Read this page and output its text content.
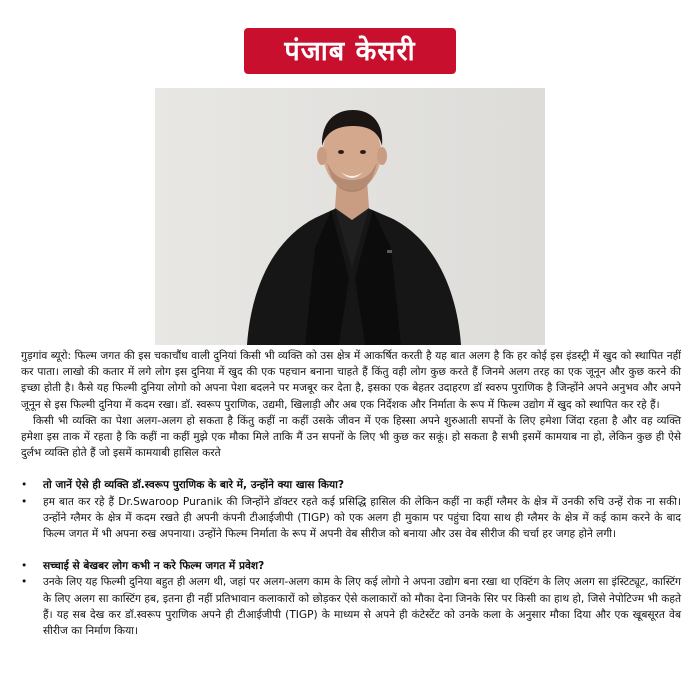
पंजाब केसरी

गुड़गांव ब्यूरो: फिल्म जगत की इस चकाचौंध वाली दुनियां किसी भी व्यक्ति को उस क्षेत्र में आकर्षित करती है यह बात अलग है कि हर कोई इस इंडस्ट्री में खुद को स्थापित नहीं कर पाता। लाखो की कतार में लगे लोग इस दुनिया में खुद की एक पहचान बनाना चाहते हैं किंतु वही लोग कुछ करते हैं जिनमे अलग तरह का एक जूनून और कुछ करने की इच्छा होती है। कैसे यह फिल्मी दुनिया लोगो को अपना पेशा बदलने पर मजबूर कर देता है, इसका एक बेहतर उदाहरण डॉ स्वरुप पुराणिक है जिन्होंने अपने अनुभव और अपने जूनून से इस फिल्मी दुनिया में कदम रखा। डॉ. स्वरूप पुराणिक, उद्यमी, खिलाड़ी और अब एक निर्देशक और निर्माता के रूप में फिल्म उद्योग में खुद को स्थापित कर रहे हैं।

किसी भी व्यक्ति का पेशा अलग-अलग हो सकता है किंतु कहीं ना कहीं उसके जीवन में एक हिस्सा अपने शुरुआती सपनों के लिए हमेशा जिंदा रहता है और वह व्यक्ति हमेशा इस ताक में रहता है कि कहीं ना कहीं मुझे एक मौका मिले ताकि मैं उन सपनों के लिए भी कुछ कर सकूं। हो सकता है सभी इसमें कामयाब ना हो, लेकिन कुछ ही ऐसे दुर्लभ व्यक्ति होते हैं जो इसमें कामयाबी हासिल करते

•	तो जानें ऐसे ही व्यक्ति डॉ.स्वरूप पुराणिक के बारे में, उन्होंने क्या खास किया?
•	हम बात कर रहे हैं Dr.Swaroop Puranik की जिन्होंने डॉक्टर रहते कई प्रसिद्धि हासिल की लेकिन कहीं ना कहीं ग्लैमर के क्षेत्र में उनकी रुचि उन्हें रोक ना सकी। उन्होंने ग्लैमर के क्षेत्र में कदम रखते ही अपनी कंपनी टीआईजीपी (TIGP) को एक अलग ही मुकाम पर पहुंचा दिया साथ ही ग्लैमर के क्षेत्र में कई काम करने के बाद फिल्म जगत में भी अपना रुख अपनाया। उन्होंने फिल्म निर्माता के रूप में अपनी वेब सीरीज को बनाया और उस वेब सीरीज की चर्चा हर जगह होने लगी।
•	सच्चाई से बेखबर लोग कभी न करे फिल्म जगत में प्रवेश?
•	उनके लिए यह फिल्मी दुनिया बहुत ही अलग थी, जहां पर अलग-अलग काम के लिए कई लोगो ने अपना उद्योग बना रखा था एक्टिंग के लिए अलग सा इंस्टिट्यूट, कास्टिंग के लिए अलग सा कास्टिंग हब, इतना ही नहीं प्रतिभावान कलाकारों को छोड़कर ऐसे कलाकारों को मौका देना जिनके सिर पर किसी का हाथ हो, जिसे नेपोटिज्म भी कहते हैं। यह सब देख कर डॉ.स्वरूप पुराणिक अपने ही टीआईजीपी (TIGP) के माध्यम से अपने ही कंटेस्टेंट को उनके कला के अनुसार मौका दिया और एक खूबसूरत वेब सीरीज का निर्माण किया।
